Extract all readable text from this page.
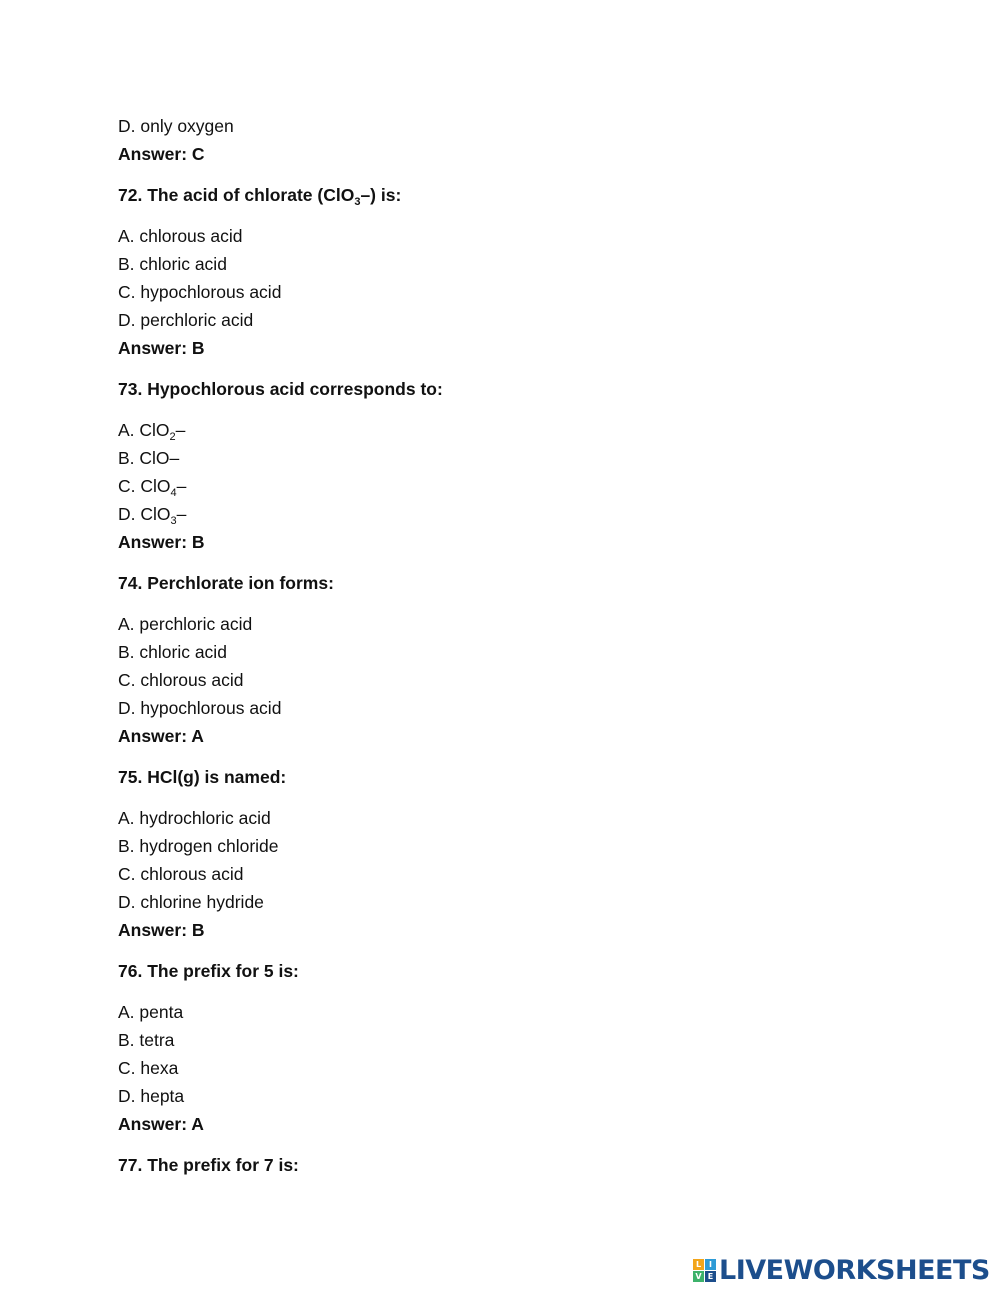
D. only oxygen
Answer: C
72. The acid of chlorate (ClO$_3$–) is:
A. chlorous acid
B. chloric acid
C. hypochlorous acid
D. perchloric acid
Answer: B
73. Hypochlorous acid corresponds to:
A. ClO$_2$–
B. ClO–
C. ClO$_4$–
D. ClO$_3$–
Answer: B
74. Perchlorate ion forms:
A. perchloric acid
B. chloric acid
C. chlorous acid
D. hypochlorous acid
Answer: A
75. HCl(g) is named:
A. hydrochloric acid
B. hydrogen chloride
C. chlorous acid
D. chlorine hydride
Answer: B
76. The prefix for 5 is:
A. penta
B. tetra
C. hexa
D. hepta
Answer: A
77. The prefix for 7 is:
L I
V E LIVEWORKSHEETS
